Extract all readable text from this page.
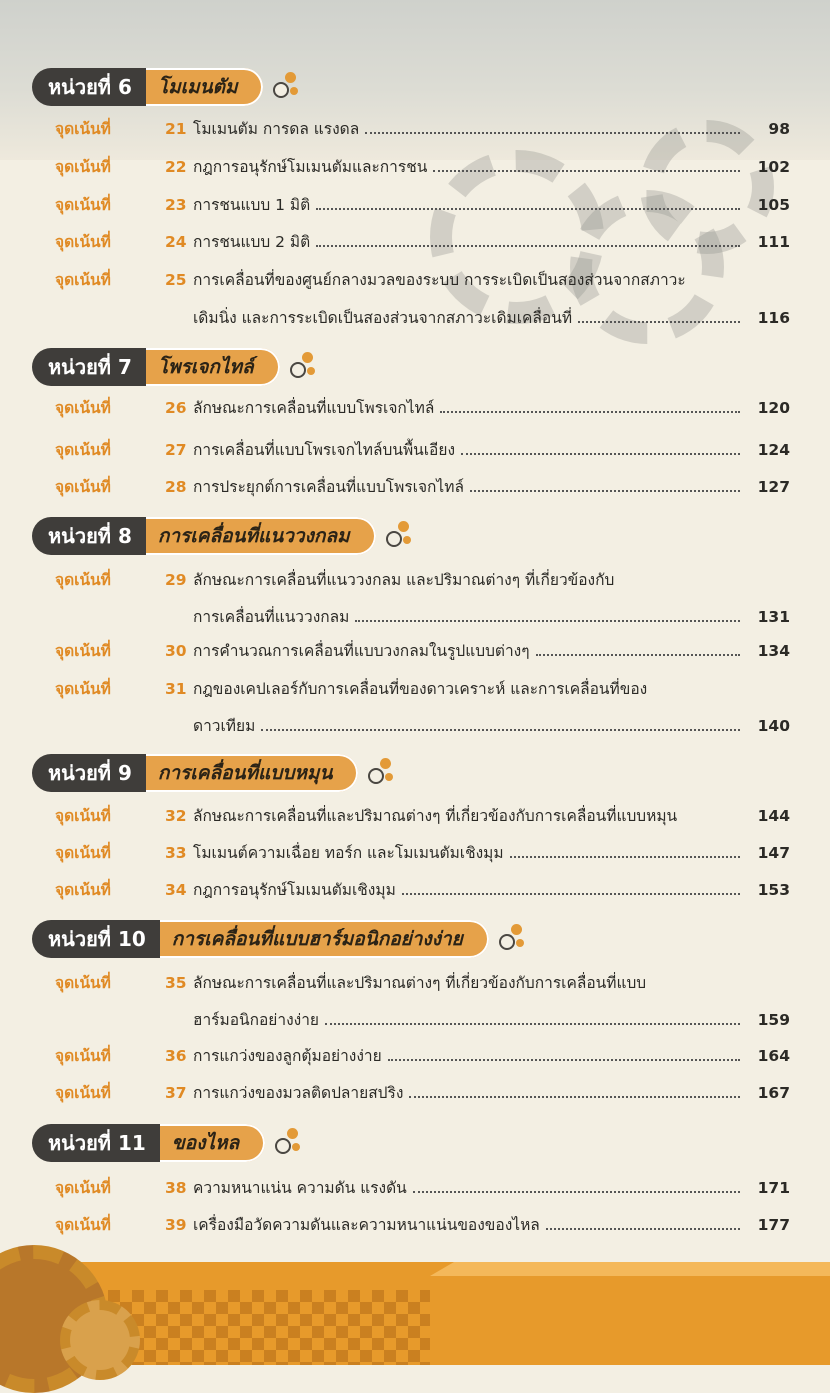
หน่วยที่ 6	โมเมนตัม
จุดเน้นที่	21 โมเมนตัม การดล แรงดล	98
จุดเน้นที่	22 กฎการอนุรักษ์โมเมนตัมและการชน	102
จุดเน้นที่	23 การชนแบบ 1 มิติ	105
จุดเน้นที่	24 การชนแบบ 2 มิติ	111
จุดเน้นที่	25 การเคลื่อนที่ของศูนย์กลางมวลของระบบ การระเบิดเป็นสองส่วนจากสภาวะ
เดิมนิ่ง และการระเบิดเป็นสองส่วนจากสภาวะเดิมเคลื่อนที่	116
หน่วยที่ 7	โพรเจกไทล์
จุดเน้นที่	26 ลักษณะการเคลื่อนที่แบบโพรเจกไทล์	120
จุดเน้นที่	27 การเคลื่อนที่แบบโพรเจกไทล์บนพื้นเอียง	124
จุดเน้นที่	28 การประยุกต์การเคลื่อนที่แบบโพรเจกไทล์	127
หน่วยที่ 8	การเคลื่อนที่แนววงกลม
จุดเน้นที่	29 ลักษณะการเคลื่อนที่แนววงกลม และปริมาณต่างๆ ที่เกี่ยวข้องกับ
การเคลื่อนที่แนววงกลม	131
จุดเน้นที่	30 การคำนวณการเคลื่อนที่แบบวงกลมในรูปแบบต่างๆ	134
จุดเน้นที่	31 กฎของเคปเลอร์กับการเคลื่อนที่ของดาวเคราะห์ และการเคลื่อนที่ของ
ดาวเทียม	140
หน่วยที่ 9	การเคลื่อนที่แบบหมุน
จุดเน้นที่	32 ลักษณะการเคลื่อนที่และปริมาณต่างๆ ที่เกี่ยวข้องกับการเคลื่อนที่แบบหมุน	144
จุดเน้นที่	33 โมเมนต์ความเฉื่อย ทอร์ก และโมเมนตัมเชิงมุม	147
จุดเน้นที่	34 กฎการอนุรักษ์โมเมนตัมเชิงมุม	153
หน่วยที่ 10	การเคลื่อนที่แบบฮาร์มอนิกอย่างง่าย
จุดเน้นที่	35 ลักษณะการเคลื่อนที่และปริมาณต่างๆ ที่เกี่ยวข้องกับการเคลื่อนที่แบบ
ฮาร์มอนิกอย่างง่าย	159
จุดเน้นที่	36 การแกว่งของลูกตุ้มอย่างง่าย	164
จุดเน้นที่	37 การแกว่งของมวลติดปลายสปริง	167
หน่วยที่ 11	ของไหล
จุดเน้นที่	38 ความหนาแน่น ความดัน แรงดัน	171
จุดเน้นที่	39 เครื่องมือวัดความดันและความหนาแน่นของของไหล	177
